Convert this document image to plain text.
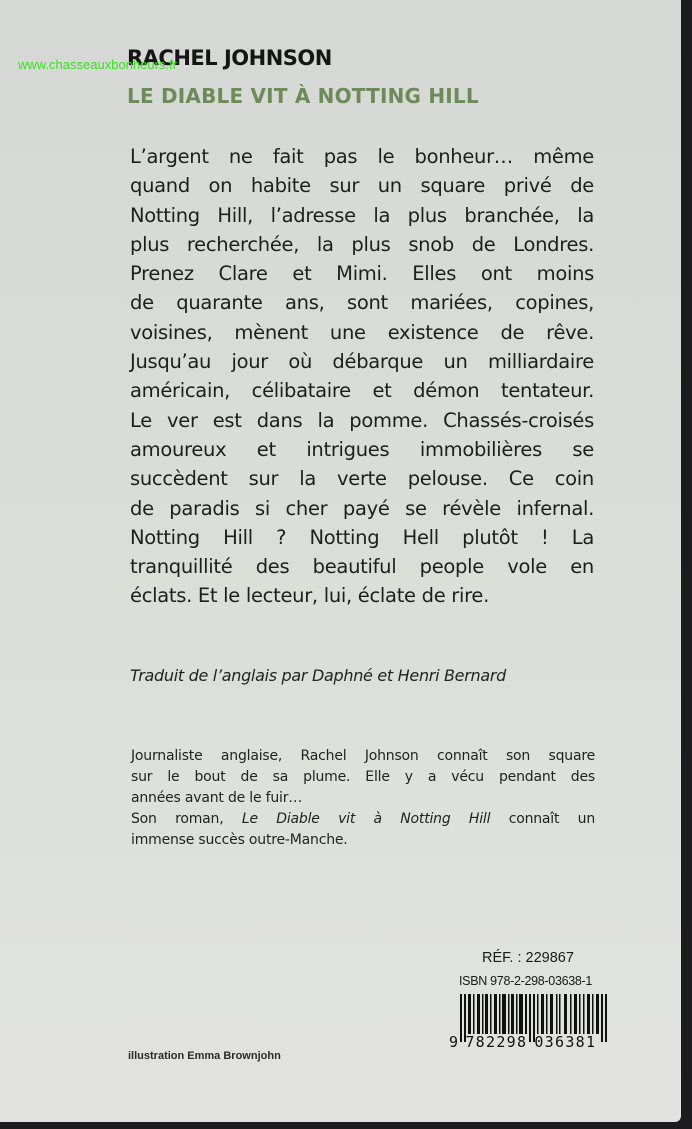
www.chasseauxbonheurs.fr
RACHEL JOHNSON
LE DIABLE VIT À NOTTING HILL
L’argent ne fait pas le bonheur… même
quand on habite sur un square privé de
Notting Hill, l’adresse la plus branchée, la
plus recherchée, la plus snob de Londres.
Prenez Clare et Mimi. Elles ont moins
de quarante ans, sont mariées, copines,
voisines, mènent une existence de rêve.
Jusqu’au jour où débarque un milliardaire
américain, célibataire et démon tentateur.
Le ver est dans la pomme. Chassés-croisés
amoureux et intrigues immobilières se
succèdent sur la verte pelouse. Ce coin
de paradis si cher payé se révèle infernal.
Notting Hill ? Notting Hell plutôt ! La
tranquillité des beautiful people vole en
éclats. Et le lecteur, lui, éclate de rire.
Traduit de l’anglais par Daphné et Henri Bernard
Journaliste anglaise, Rachel Johnson connaît son square
sur le bout de sa plume. Elle y a vécu pendant des
années avant de le fuir…
Son roman, Le Diable vit à Notting Hill connaît un
immense succès outre-Manche.
RÉF. : 229867
ISBN 978-2-298-03638-1
9 782298 036381
illustration Emma Brownjohn
